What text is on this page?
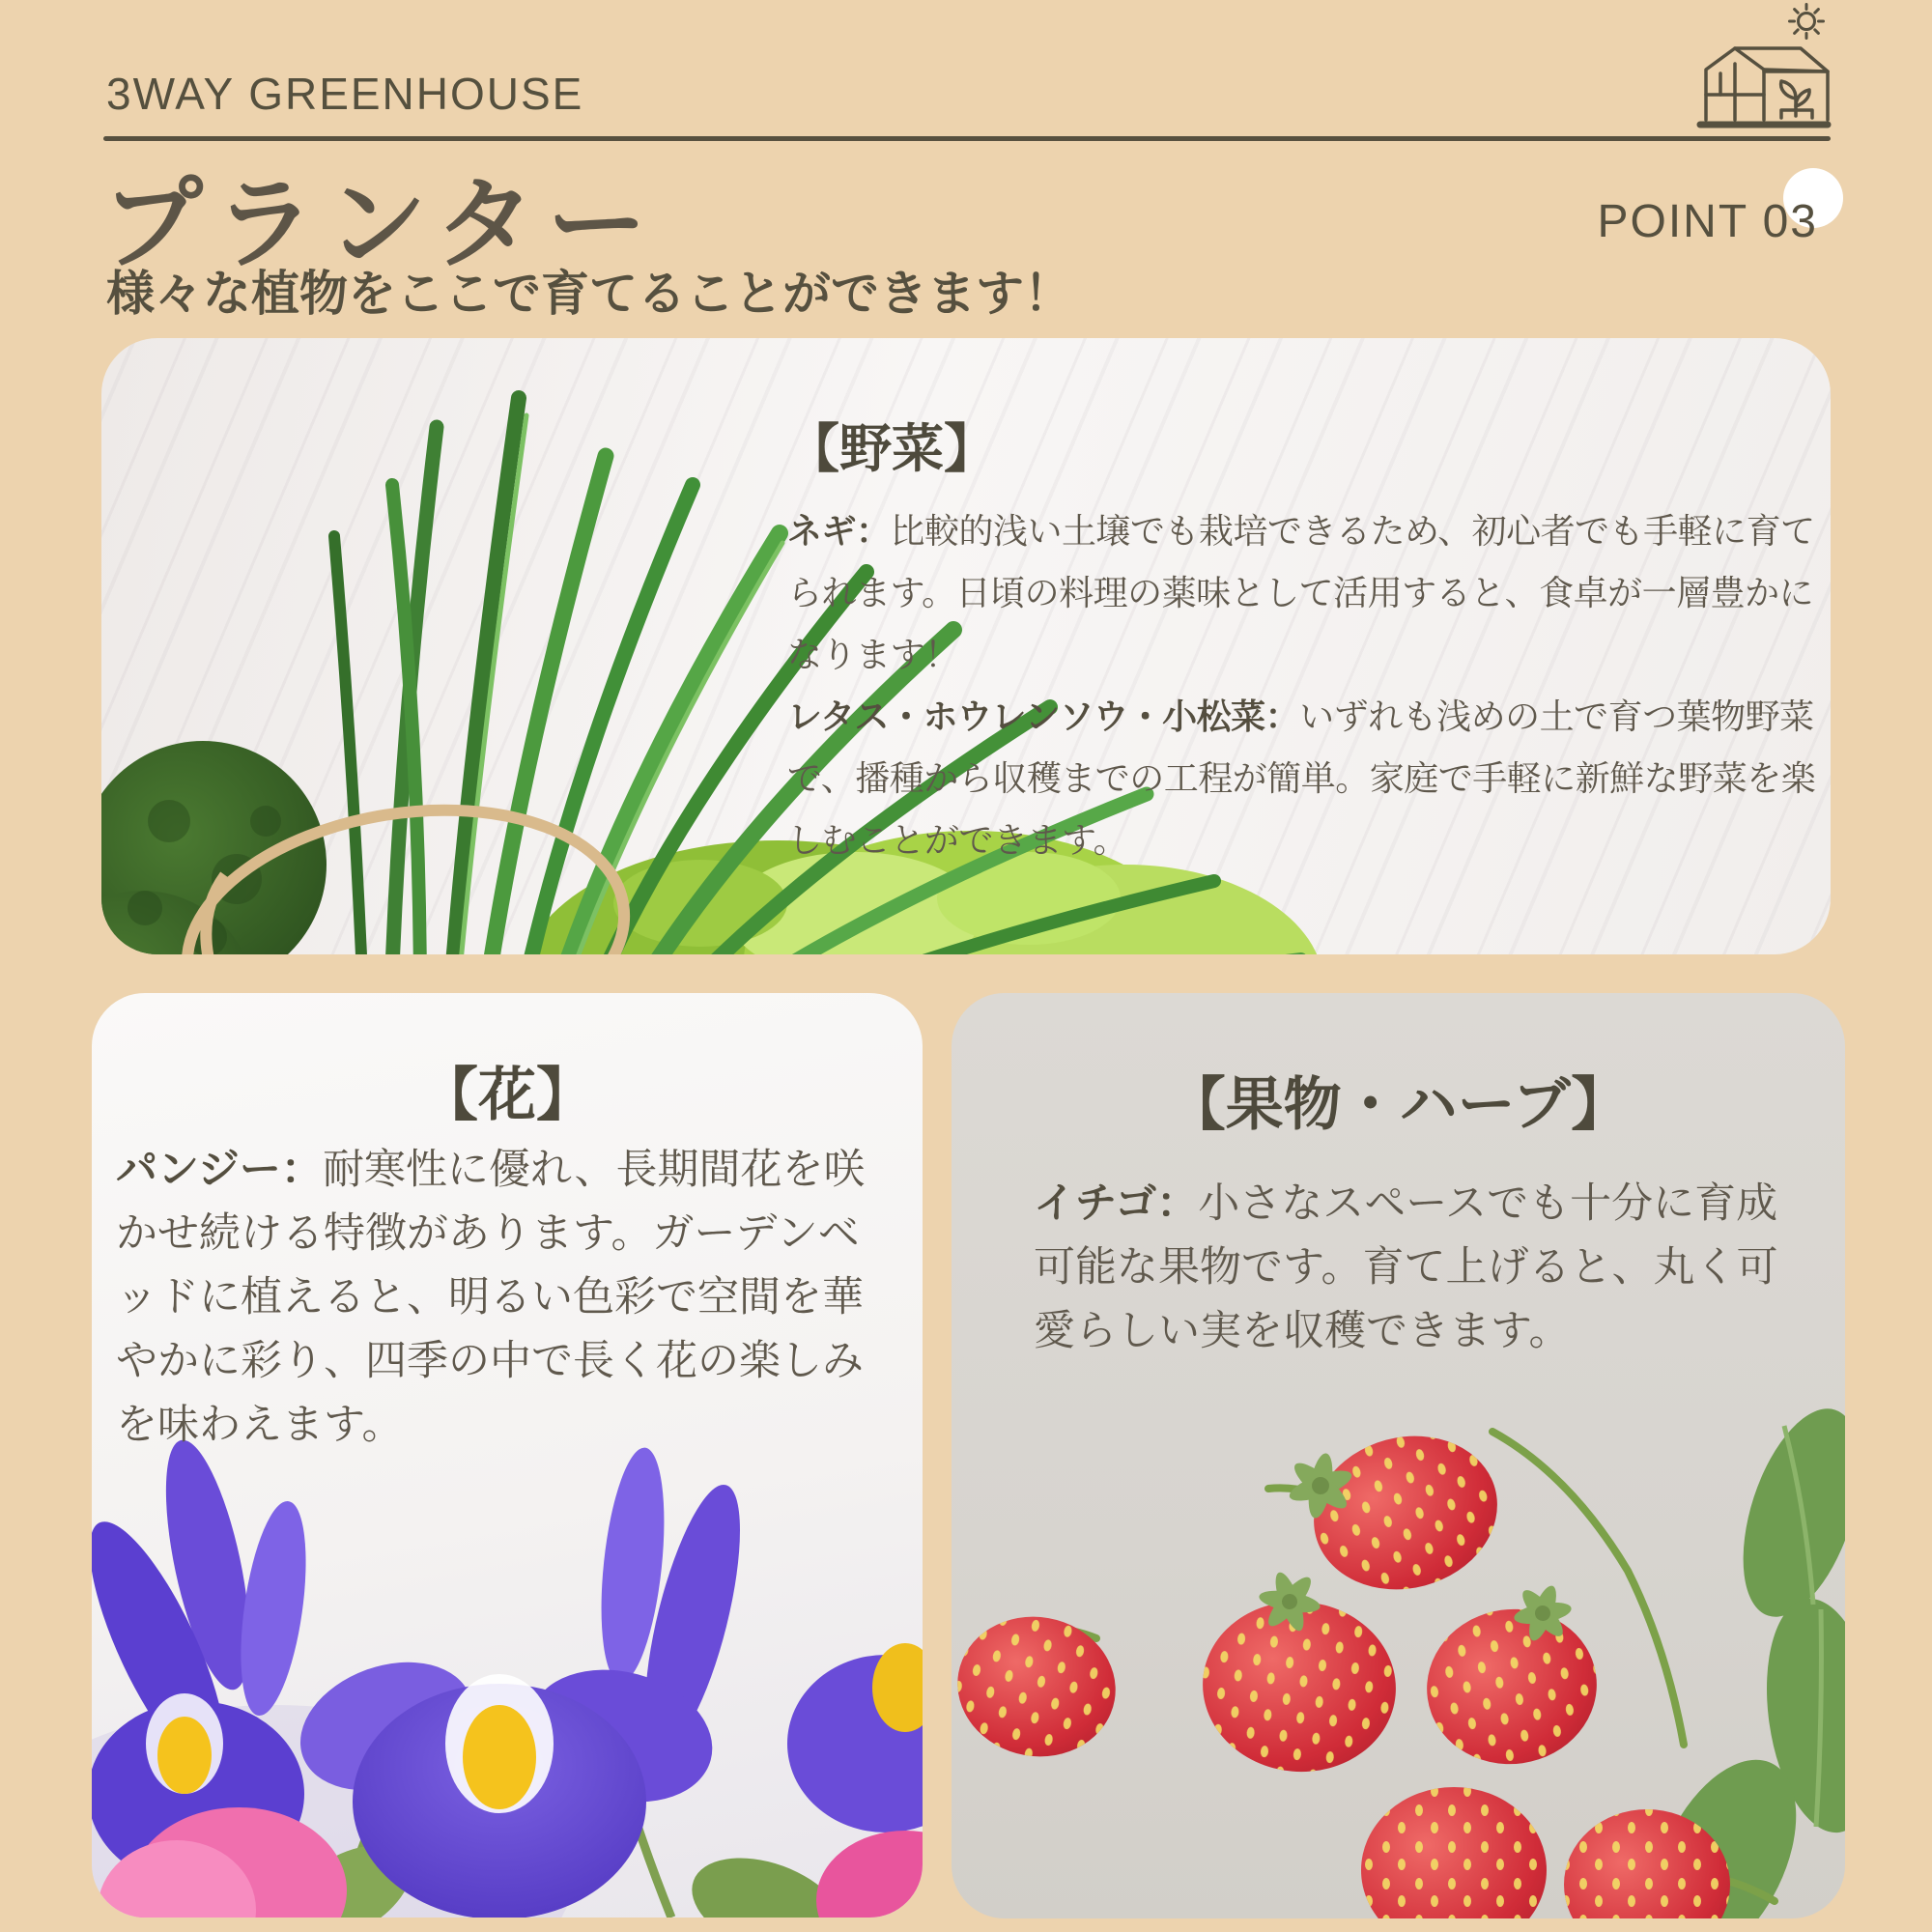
3WAY GREENHOUSE
プランター	POINT 03
様々な植物をここで育てることができます！
【野菜】

ネギ：比較的浅い土壌でも栽培できるため、初心者でも手軽に育てられます。日頃の料理の薬味として活用すると、食卓が一層豊かになります！

レタス・ホウレンソウ・小松菜：いずれも浅めの土で育つ葉物野菜で、播種から収穫までの工程が簡単。家庭で手軽に新鮮な野菜を楽しむことができます。

【花】

パンジー：耐寒性に優れ、長期間花を咲かせ続ける特徴があります。ガーデンベッドに植えると、明るい色彩で空間を華やかに彩り、四季の中で長く花の楽しみを味わえます。

【果物・ハーブ】

イチゴ：小さなスペースでも十分に育成可能な果物です。育て上げると、丸く可愛らしい実を収穫できます。
